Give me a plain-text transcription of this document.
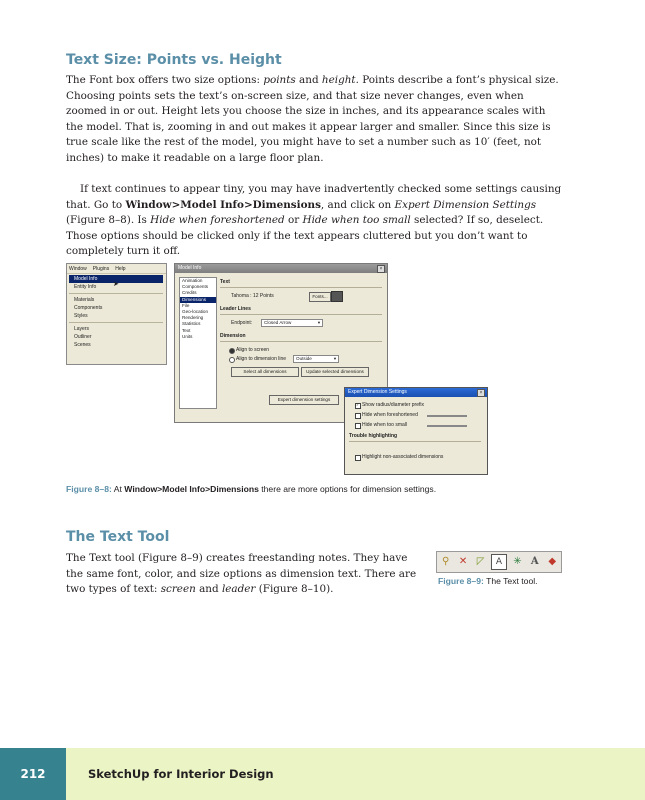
Text Size: Points vs. Height

The Font box offers two size options: points and height. Points describe a font’s physical size. Choosing points sets the text’s on-screen size, and that size never changes, even when zoomed in or out. Height lets you choose the size in inches, and its appearance scales with the model. That is, zooming in and out makes it appear larger and smaller. Since this size is true scale like the rest of the model, you might have to set a number such as 10′ (feet, not inches) to make it readable on a large floor plan.

If text continues to appear tiny, you may have inadvertently checked some settings causing that. Go to Window>Model Info>Dimensions, and click on Expert Dimension Settings (Figure 8–8). Is Hide when foreshortened or Hide when too small selected? If so, deselect. Those options should be clicked only if the text appears cluttered but you don’t want to completely turn it off.

Window Plugins Help
Model Info
Entity Info
Materials
Components
Styles
Layers
Outliner
Scenes
➤
Model Info	×
Animation
Components
Credits
Dimensions
File
Geo-location
Rendering
Statistics
Text
Units
Text
Tahoma : 12 Points	Fonts...
Leader Lines
Endpoint:	Closed Arrow	▼
Dimension
Align to screen
Align to dimension line	Outside	▼
Select all dimensions	Update selected dimensions
Expert dimension settings
Expert Dimension Settings	×
✓ Show radius/diameter prefix
Hide when foreshortened
Hide when too small
Trouble highlighting
Highlight non-associated dimensions
Figure 8–8: At Window>Model Info>Dimensions there are more options for dimension settings.
The Text Tool

The Text tool (Figure 8–9) creates freestanding notes. They have the same font, color, and size options as dimension text. There are two types of text: screen and leader (Figure 8–10).

⚲ ✕ ◸	A	✳ A ◆
Figure 8–9: The Text tool.
212	SketchUp for Interior Design
